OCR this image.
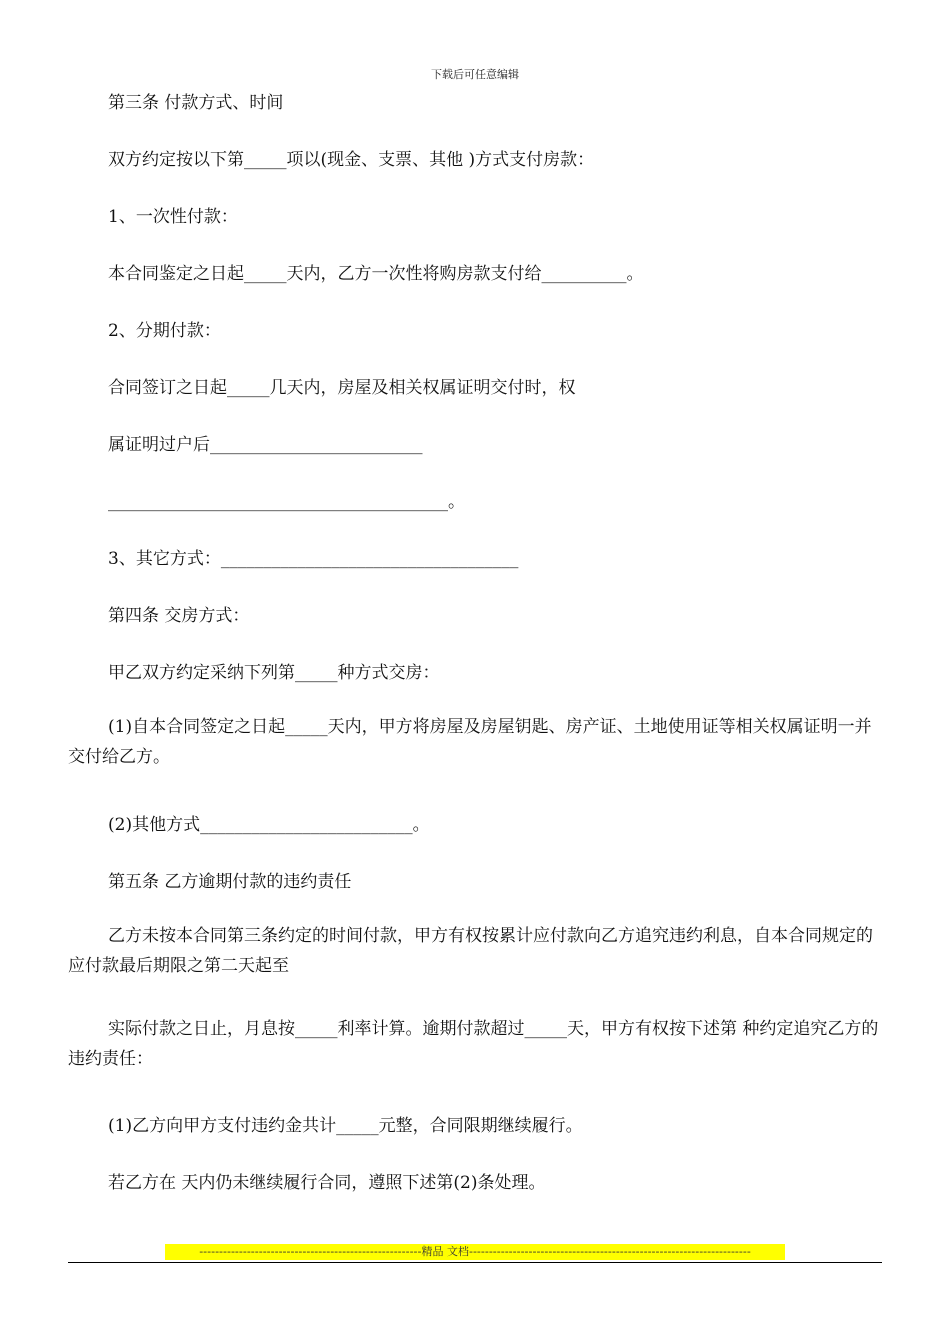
下载后可任意编辑
第三条 付款方式、时间
双方约定按以下第_____项以(现金、支票、其他 )方式支付房款：
1、一次性付款：
本合同鉴定之日起_____天内，乙方一次性将购房款支付给__________。
2、分期付款：
合同签订之日起_____几天内，房屋及相关权属证明交付时，权
属证明过户后_________________________
________________________________________。
3、其它方式：___________________________________
第四条 交房方式：
甲乙双方约定采纳下列第_____种方式交房：
(1)自本合同签定之日起_____天内，甲方将房屋及房屋钥匙、房产证、土地使用证等相关权属证明一并交付给乙方。
(2)其他方式_________________________。
第五条 乙方逾期付款的违约责任
乙方未按本合同第三条约定的时间付款，甲方有权按累计应付款向乙方追究违约利息，自本合同规定的应付款最后期限之第二天起至
实际付款之日止，月息按_____利率计算。逾期付款超过_____天，甲方有权按下述第 种约定追究乙方的违约责任：
(1)乙方向甲方支付违约金共计_____元整，合同限期继续履行。
若乙方在 天内仍未继续履行合同，遵照下述第(2)条处理。
--------------------------------------------------------精品 文档-----------------------------------------------------------------------
